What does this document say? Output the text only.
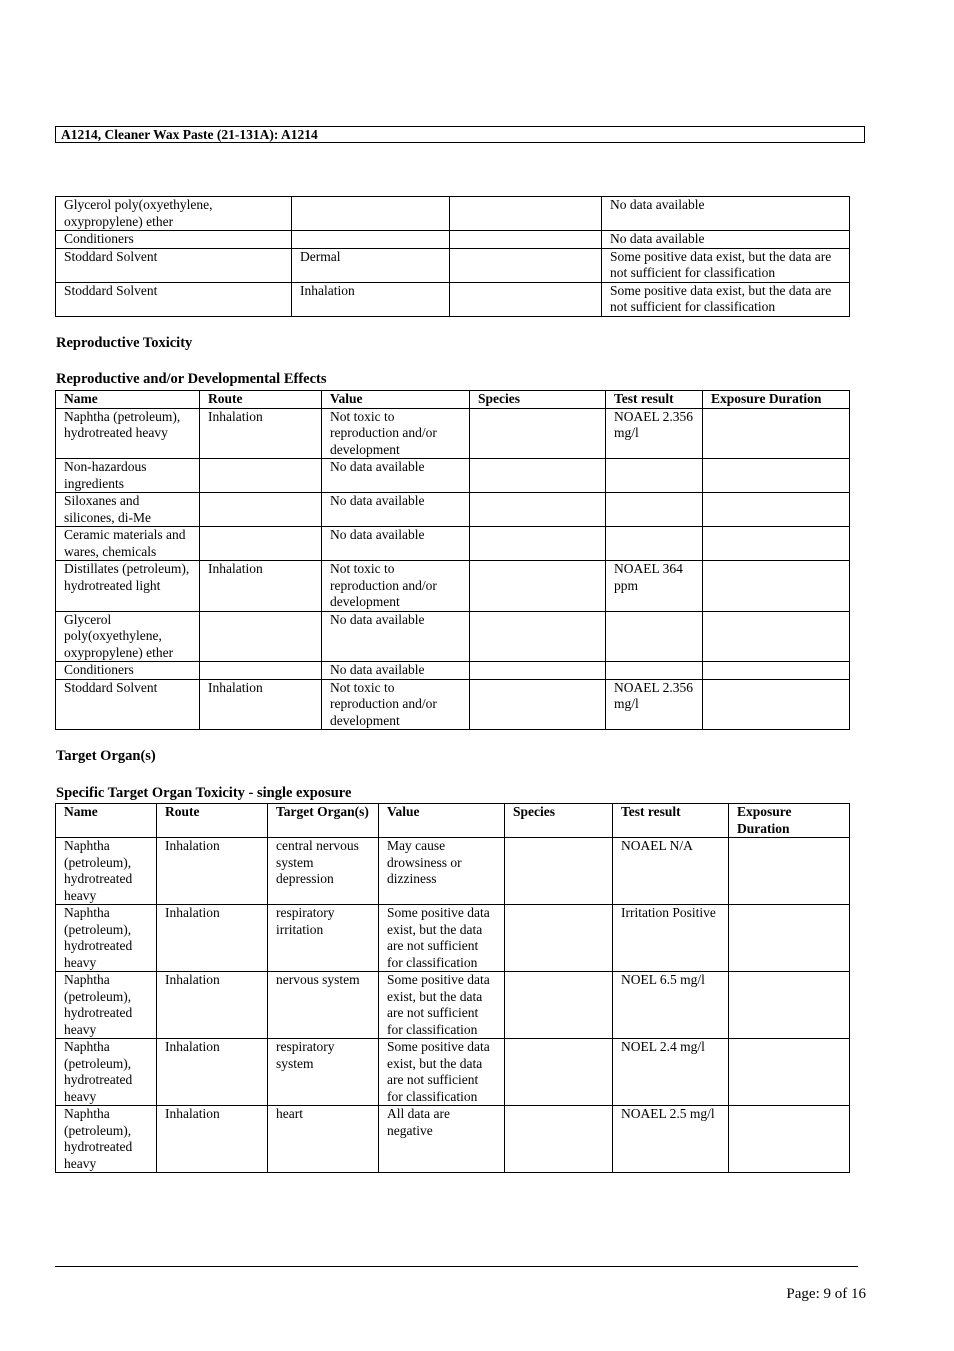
A1214, Cleaner Wax Paste (21-131A): A1214
Glycerol poly(oxyethylene, oxypropylene) ether			No data available
Conditioners			No data available
Stoddard Solvent	Dermal		Some positive data exist, but the data are not sufficient for classification
Stoddard Solvent	Inhalation		Some positive data exist, but the data are not sufficient for classification
Reproductive Toxicity
Reproductive and/or Developmental Effects
Name	Route	Value	Species	Test result	Exposure Duration
Naphtha (petroleum), hydrotreated heavy	Inhalation	Not toxic to reproduction and/or development		NOAEL 2.356 mg/l	
Non-hazardous ingredients		No data available			
Siloxanes and silicones, di-Me		No data available			
Ceramic materials and wares, chemicals		No data available			
Distillates (petroleum), hydrotreated light	Inhalation	Not toxic to reproduction and/or development		NOAEL 364 ppm	
Glycerol poly(oxyethylene, oxypropylene) ether		No data available			
Conditioners		No data available			
Stoddard Solvent	Inhalation	Not toxic to reproduction and/or development		NOAEL 2.356 mg/l	
Target Organ(s)
Specific Target Organ Toxicity - single exposure
Name	Route	Target Organ(s)	Value	Species	Test result	Exposure Duration
Naphtha (petroleum), hydrotreated heavy	Inhalation	central nervous system depression	May cause drowsiness or dizziness		NOAEL N/A	
Naphtha (petroleum), hydrotreated heavy	Inhalation	respiratory irritation	Some positive data exist, but the data are not sufficient for classification		Irritation Positive	
Naphtha (petroleum), hydrotreated heavy	Inhalation	nervous system	Some positive data exist, but the data are not sufficient for classification		NOEL 6.5 mg/l	
Naphtha (petroleum), hydrotreated heavy	Inhalation	respiratory system	Some positive data exist, but the data are not sufficient for classification		NOEL 2.4 mg/l	
Naphtha (petroleum), hydrotreated heavy	Inhalation	heart	All data are negative		NOAEL 2.5 mg/l	
Page: 9 of 16
